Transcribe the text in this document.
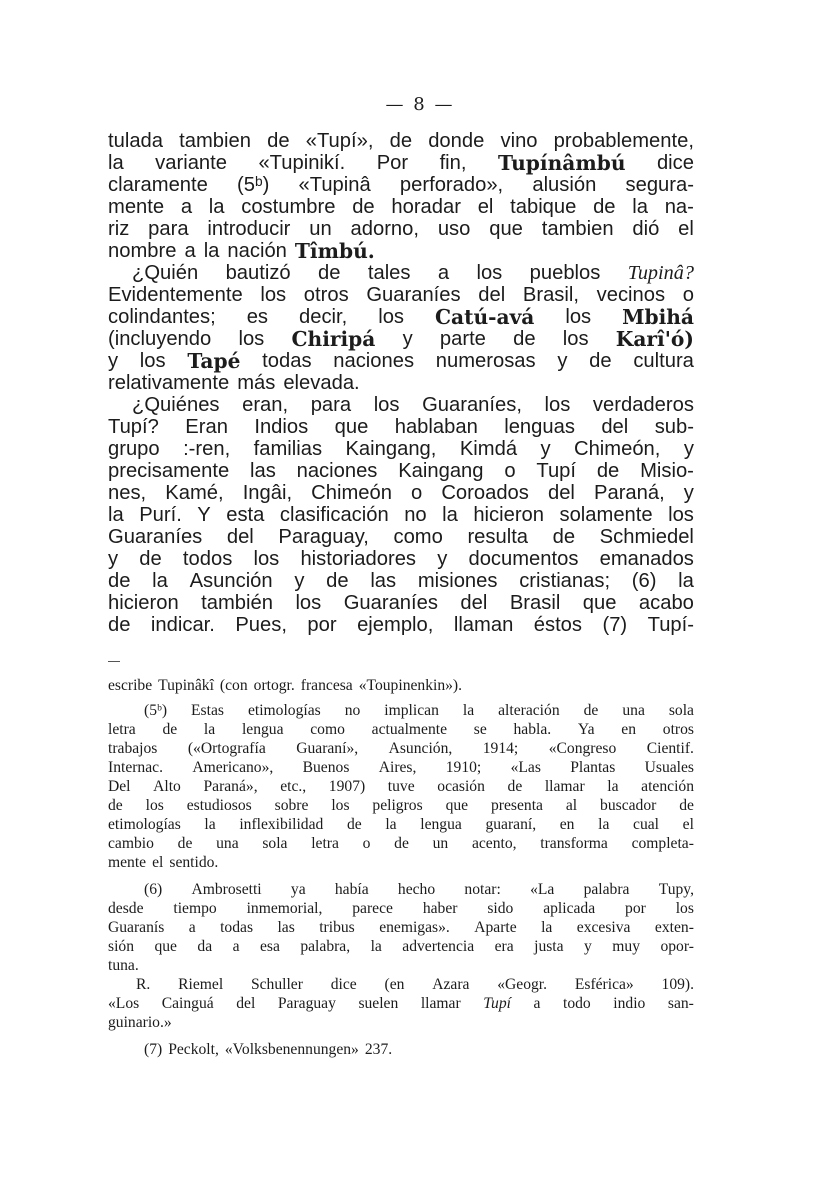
— 8 —
tulada tambien de «Tupí», de donde vino probablemente,
la variante «Tupinikí. Por fin, Tupínâmbú dice
claramente (5ᵇ) «Tupinâ perforado», alusión segura-
mente a la costumbre de horadar el tabique de la na-
riz para introducir un adorno, uso que tambien dió el
nombre a la nación Tîmbú.
¿Quién bautizó de tales a los pueblos Tupinâ?
Evidentemente los otros Guaraníes del Brasil, vecinos o
colindantes; es decir, los Catú-avá los Mbihá
(incluyendo los Chiripá y parte de los Karî'ó)
y los Tapé todas naciones numerosas y de cultura
relativamente más elevada.
¿Quiénes eran, para los Guaraníes, los verdaderos
Tupí? Eran Indios que hablaban lenguas del sub-
grupo :-ren, familias Kaingang, Kimdá y Chimeón, y
precisamente las naciones Kaingang o Tupí de Misio-
nes, Kamé, Ingâi, Chimeón o Coroados del Paraná, y
la Purí. Y esta clasificación no la hicieron solamente los
Guaraníes del Paraguay, como resulta de Schmiedel
y de todos los historiadores y documentos emanados
de la Asunción y de las misiones cristianas; (6) la
hicieron también los Guaraníes del Brasil que acabo
de indicar. Pues, por ejemplo, llaman éstos (7) Tupí-
escribe Tupinâkî (con ortogr. francesa «Toupinenkin»).
(5ᵇ) Estas etimologías no implican la alteración de una sola
letra de la lengua como actualmente se habla. Ya en otros
trabajos («Ortografía Guaraní», Asunción, 1914; «Congreso Cientif.
Internac. Americano», Buenos Aires, 1910; «Las Plantas Usuales
Del Alto Paraná», etc., 1907) tuve ocasión de llamar la atención
de los estudiosos sobre los peligros que presenta al buscador de
etimologías la inflexibilidad de la lengua guaraní, en la cual el
cambio de una sola letra o de un acento, transforma completa-
mente el sentido.
(6) Ambrosetti ya había hecho notar: «La palabra Tupy,
desde tiempo inmemorial, parece haber sido aplicada por los
Guaranís a todas las tribus enemigas». Aparte la excesiva exten-
sión que da a esa palabra, la advertencia era justa y muy opor-
tuna.
R. Riemel Schuller dice (en Azara «Geogr. Esférica» 109).
«Los Cainguá del Paraguay suelen llamar Tupí a todo indio san-
guinario.»
(7) Peckolt, «Volksbenennungen» 237.
